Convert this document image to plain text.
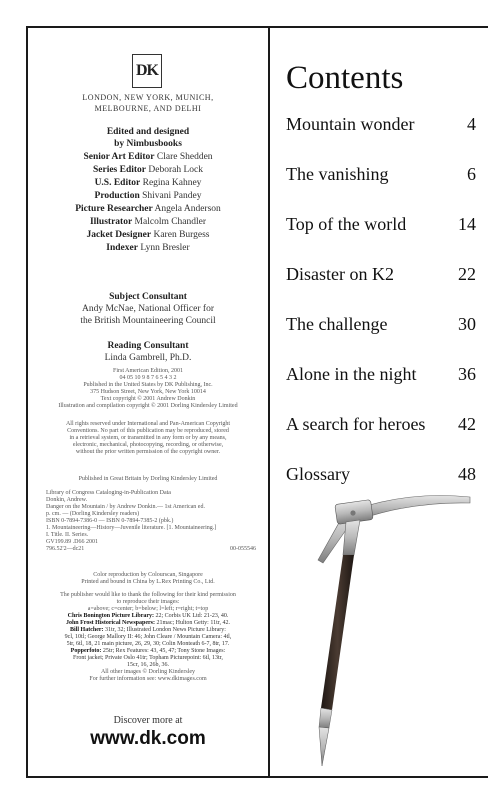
DK
LONDON, NEW YORK, MUNICH,
MELBOURNE, AND DELHI
Edited and designed
by Nimbusbooks
Senior Art Editor Clare Shedden
Series Editor Deborah Lock
U.S. Editor Regina Kahney
Production Shivani Pandey
Picture Researcher Angela Anderson
Illustrator Malcolm Chandler
Jacket Designer Karen Burgess
Indexer Lynn Bresler
Subject Consultant
Andy McNae, National Officer for
the British Mountaineering Council
Reading Consultant
Linda Gambrell, Ph.D.
First American Edition, 2001
04 05 10 9 8 7 6 5 4 3 2
Published in the United States by DK Publishing, Inc.
375 Hudson Street, New York, New York 10014
Text copyright © 2001 Andrew Donkin
Illustration and compilation copyright © 2001 Dorling Kindersley Limited
All rights reserved under International and Pan-American Copyright
Conventions. No part of this publication may be reproduced, stored
in a retrieval system, or transmitted in any form or by any means,
electronic, mechanical, photocopying, recording, or otherwise,
without the prior written permission of the copyright owner.
Published in Great Britain by Dorling Kindersley Limited
Library of Congress Cataloging-in-Publication Data
Donkin, Andrew.
Danger on the Mountain / by Andrew Donkin.— 1st American ed.
p. cm. — (Dorling Kindersley readers)
ISBN 0-7894-7386-0 — ISBN 0-7894-7385-2 (pbk.)
1. Mountaineering—History—Juvenile literature. [1. Mountaineering.]
I. Title. II. Series.
GV199.89 .D66 2001
796.52'2—dc21	00-055546
Color reproduction by Colourscan, Singapore
Printed and bound in China by L.Rex Printing Co., Ltd.
The publisher would like to thank the following for their kind permission
to reproduce their images:
a=above; c=center; b=below; l=left; r=right; t=top
Chris Bonington Picture Library: 22; Corbis UK Ltd: 21-23, 40.
John Frost Historical Newspapers: 21mac; Hulton Getty: 11tr, 42.
Bill Hatcher: 31tr, 32; Illustrated London News Picture Library:
9cl, 10tl; George Mallory II: 46; John Cleare / Mountain Camera: 4tl,
5tr, 6tl, 18, 21 main picture, 26, 29, 30; Colin Monteath 6-7, 8tr, 17.
Popperfoto: 25tr; Rex Features: 43, 45, 47; Tony Stone Images:
Front jacket; Private Oslo 41tr; Topham Picturepoint: 6tl, 13tr,
15cr, 16, 26b, 36.
All other images © Dorling Kindersley
For further information see: www.dkimages.com
Discover more at
www.dk.com
Contents
Mountain wonder	4
The vanishing	6
Top of the world	14
Disaster on K2	22
The challenge	30
Alone in the night 36
A search for heroes 42
Glossary	48
